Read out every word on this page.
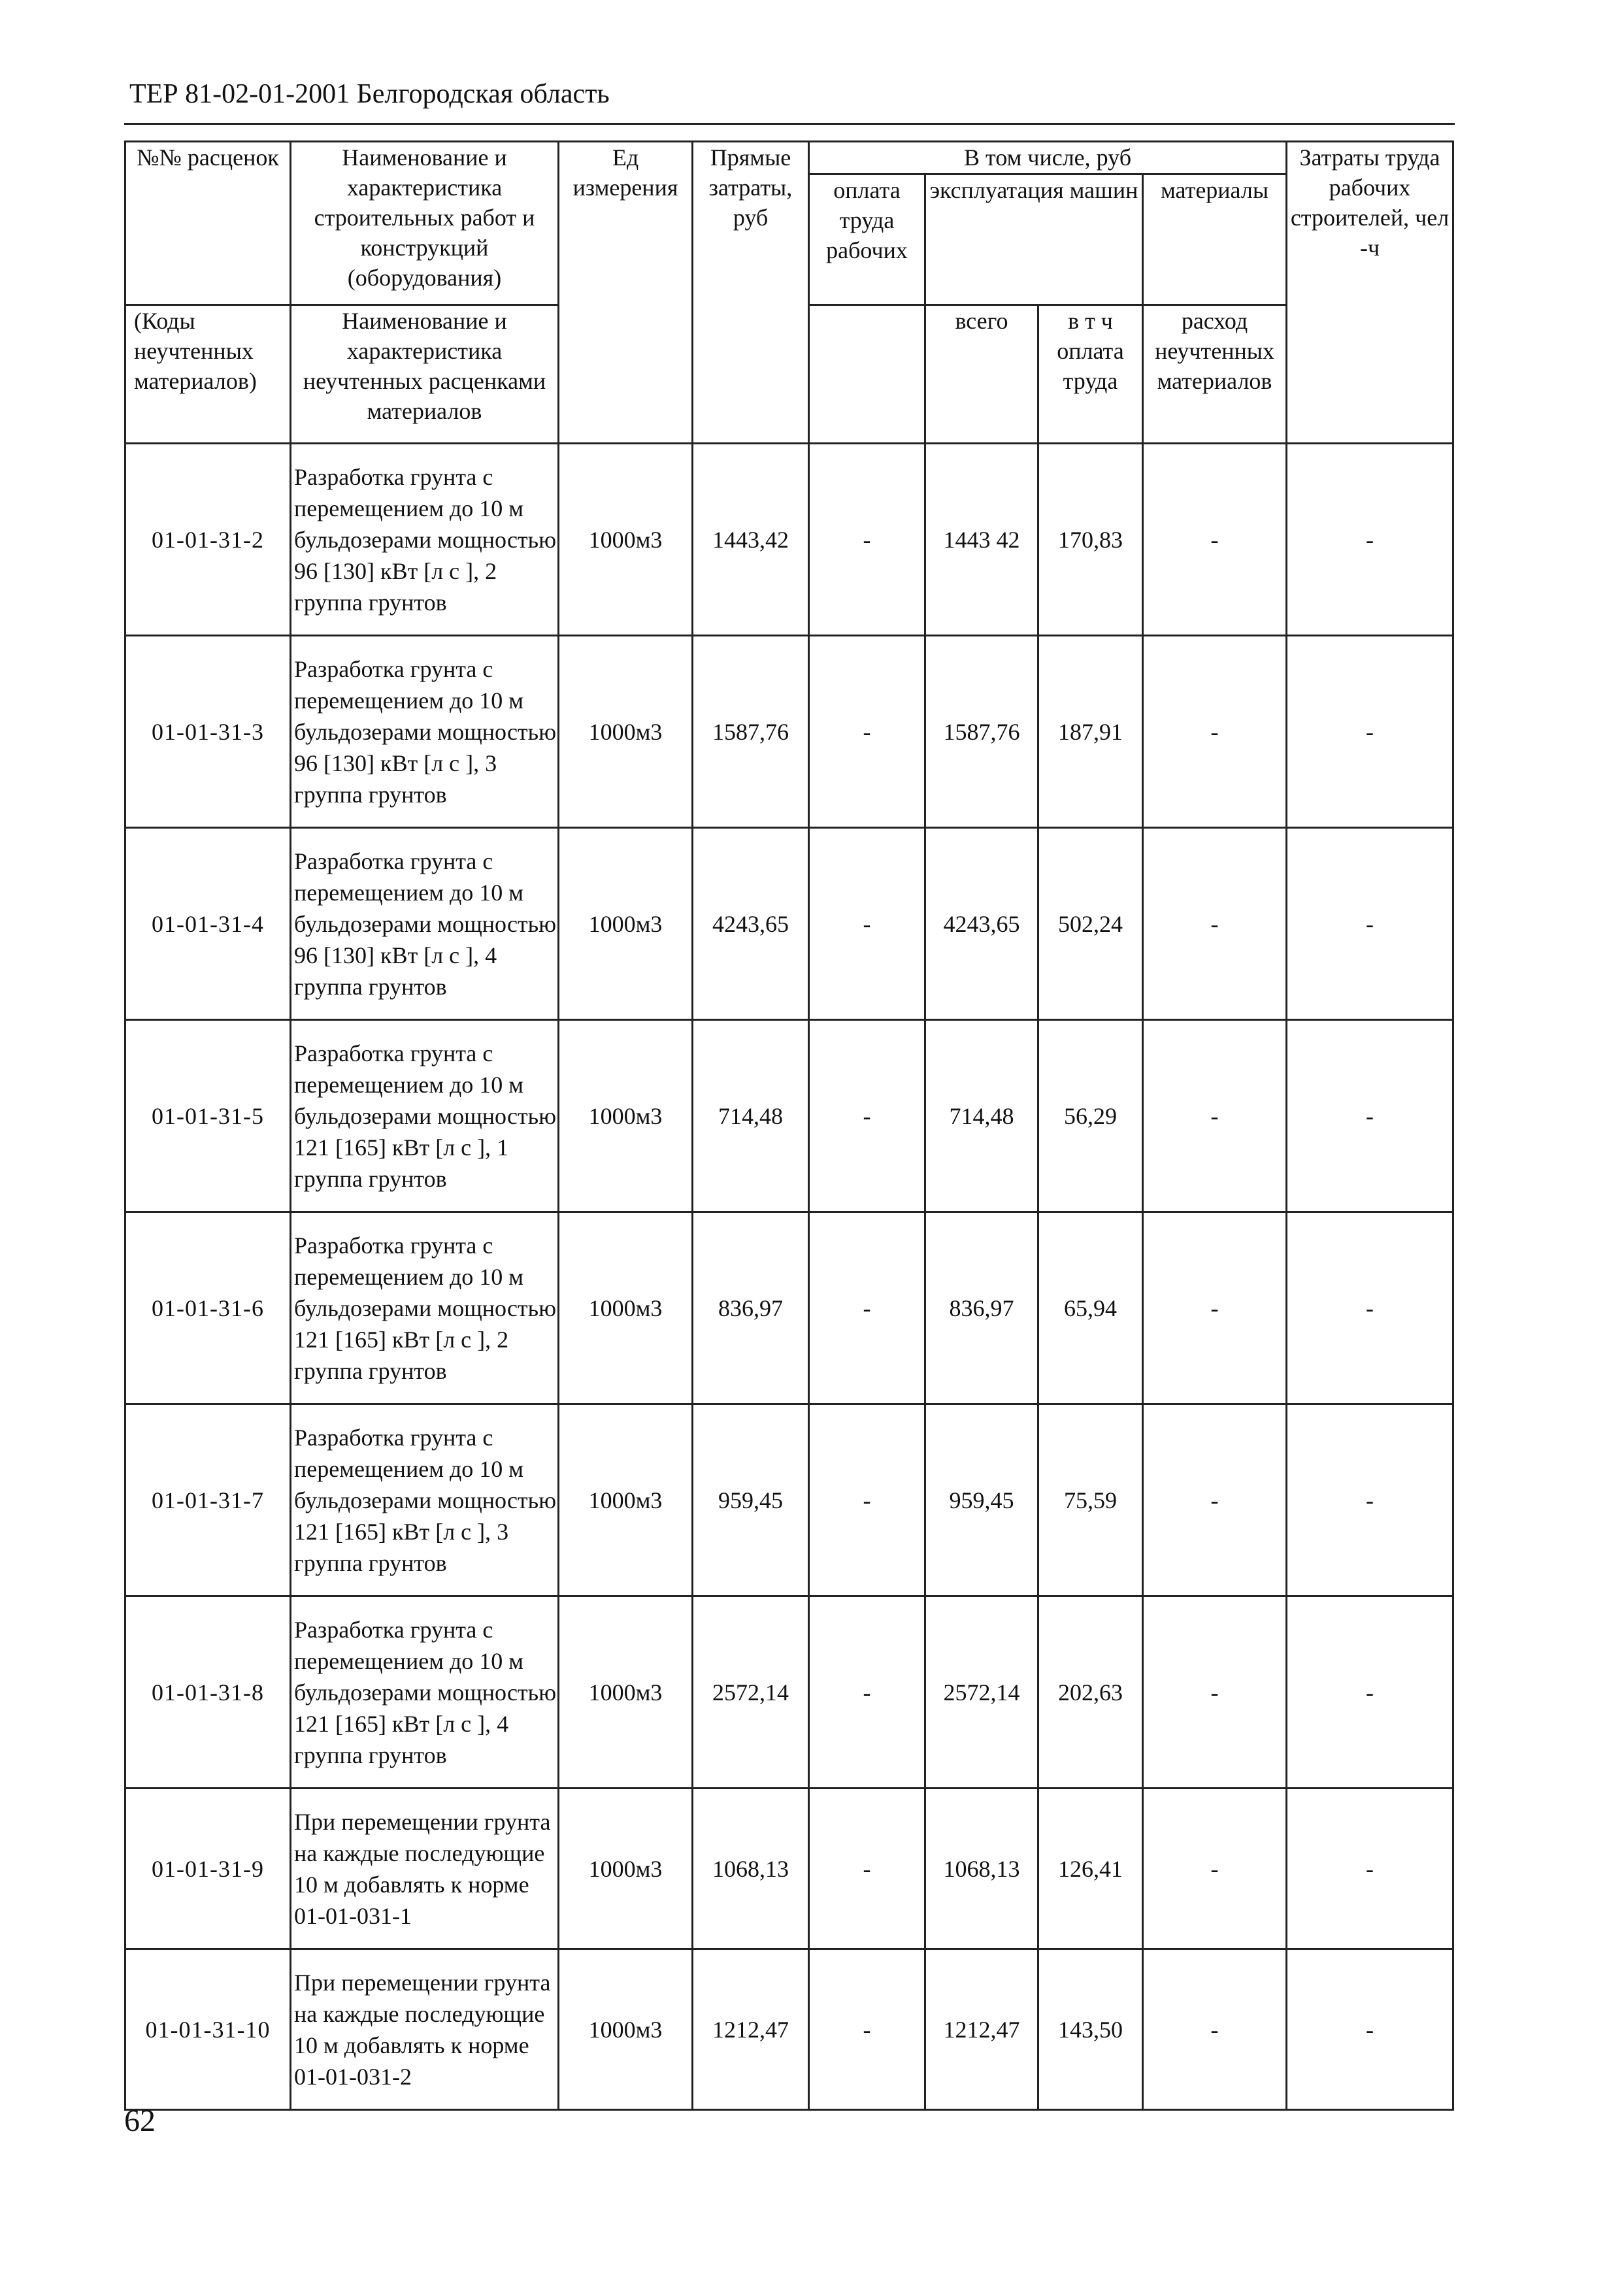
ТЕР 81-02-01-2001 Белгородская область
№№ расценок	Наименование и характеристика строительных работ и конструкций (оборудования)	Ед измерения	Прямые затраты, руб	В том числе, руб				Затраты труда рабочих строителей, чел -ч
				оплата труда рабочих	эксплуатация машин		материалы	
(Коды неучтенных материалов)	Наименование и характеристика неучтенных расценками материалов				всего	в т ч оплата труда	расход неучтенных материалов	
01-01-31-2	Разработка грунта с перемещением до 10 м бульдозерами мощностью 96 [130] кВт [л с ], 2 группа грунтов	1000м3	1443,42	-	1443 42	170,83	-	-
01-01-31-3	Разработка грунта с перемещением до 10 м бульдозерами мощностью 96 [130] кВт [л с ], 3 группа грунтов	1000м3	1587,76	-	1587,76	187,91	-	-
01-01-31-4	Разработка грунта с перемещением до 10 м бульдозерами мощностью 96 [130] кВт [л с ], 4 группа грунтов	1000м3	4243,65	-	4243,65	502,24	-	-
01-01-31-5	Разработка грунта с перемещением до 10 м бульдозерами мощностью 121 [165] кВт [л с ], 1 группа грунтов	1000м3	714,48	-	714,48	56,29	-	-
01-01-31-6	Разработка грунта с перемещением до 10 м бульдозерами мощностью 121 [165] кВт [л с ], 2 группа грунтов	1000м3	836,97	-	836,97	65,94	-	-
01-01-31-7	Разработка грунта с перемещением до 10 м бульдозерами мощностью 121 [165] кВт [л с ], 3 группа грунтов	1000м3	959,45	-	959,45	75,59	-	-
01-01-31-8	Разработка грунта с перемещением до 10 м бульдозерами мощностью 121 [165] кВт [л с ], 4 группа грунтов	1000м3	2572,14	-	2572,14	202,63	-	-
01-01-31-9	При перемещении грунта на каждые последующие 10 м добавлять к норме 01-01-031-1	1000м3	1068,13	-	1068,13	126,41	-	-
01-01-31-10	При перемещении грунта на каждые последующие 10 м добавлять к норме 01-01-031-2	1000м3	1212,47	-	1212,47	143,50	-	-
62
